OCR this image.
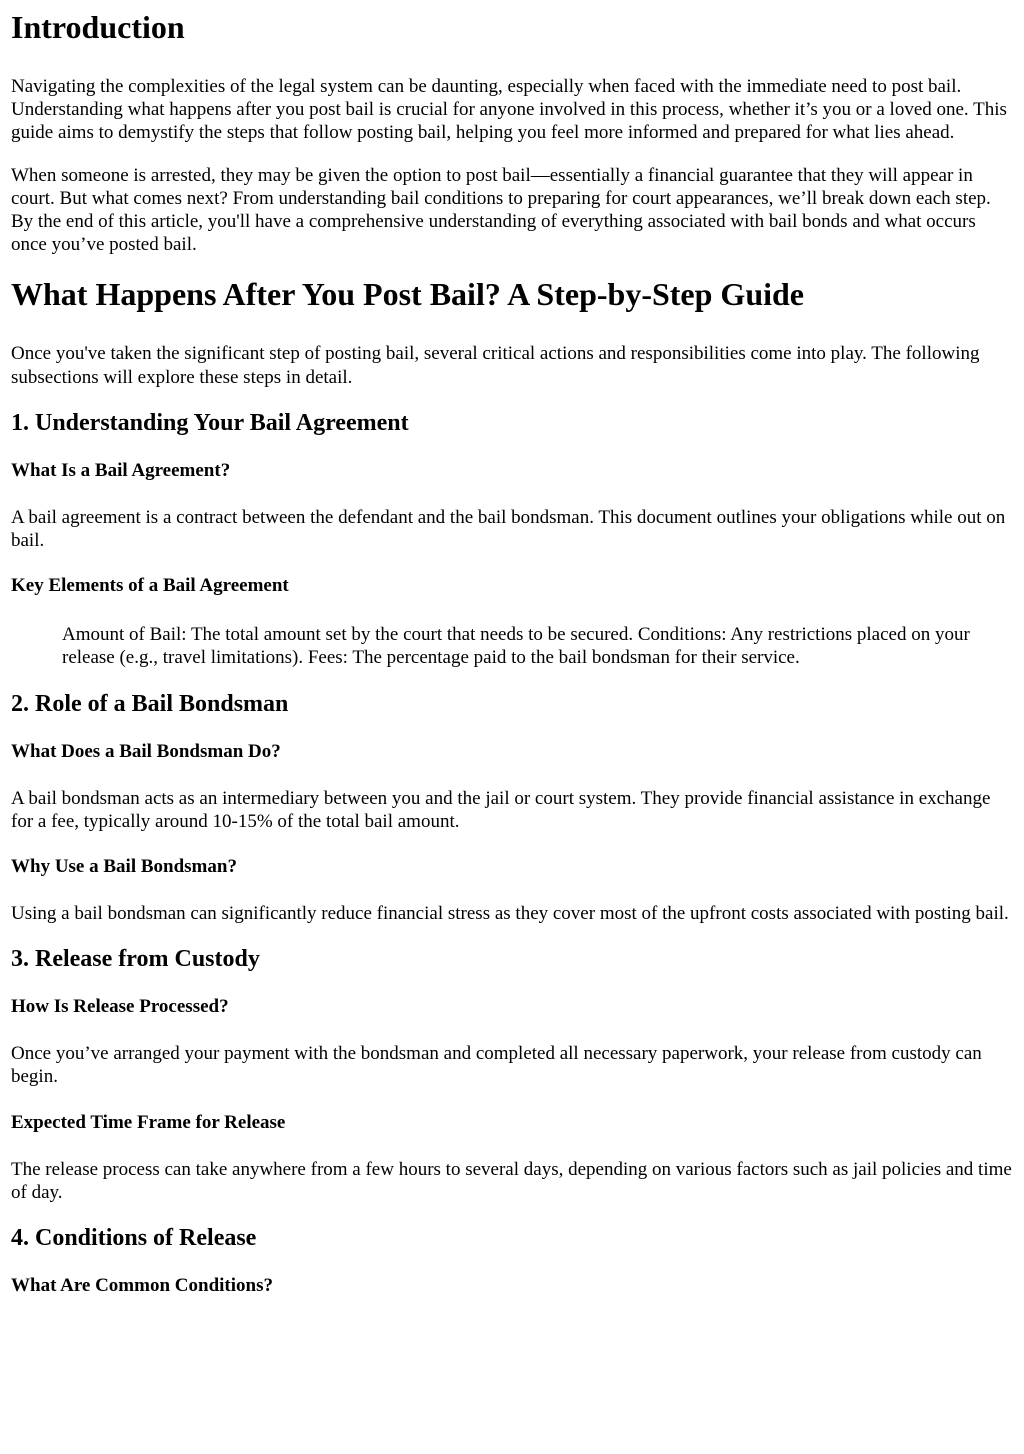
Introduction

Navigating the complexities of the legal system can be daunting, especially when faced with the immediate need to post bail. Understanding what happens after you post bail is crucial for anyone involved in this process, whether it’s you or a loved one. This guide aims to demystify the steps that follow posting bail, helping you feel more informed and prepared for what lies ahead.

When someone is arrested, they may be given the option to post bail—essentially a financial guarantee that they will appear in court. But what comes next? From understanding bail conditions to preparing for court appearances, we’ll break down each step. By the end of this article, you'll have a comprehensive understanding of everything associated with bail bonds and what occurs once you’ve posted bail.

What Happens After You Post Bail? A Step-by-Step Guide

Once you've taken the significant step of posting bail, several critical actions and responsibilities come into play. The following subsections will explore these steps in detail.

1. Understanding Your Bail Agreement
What Is a Bail Agreement?

A bail agreement is a contract between the defendant and the bail bondsman. This document outlines your obligations while out on bail.

Key Elements of a Bail Agreement
Amount of Bail: The total amount set by the court that needs to be secured. Conditions: Any restrictions placed on your release (e.g., travel limitations). Fees: The percentage paid to the bail bondsman for their service.
2. Role of a Bail Bondsman
What Does a Bail Bondsman Do?

A bail bondsman acts as an intermediary between you and the jail or court system. They provide financial assistance in exchange for a fee, typically around 10-15% of the total bail amount.

Why Use a Bail Bondsman?

Using a bail bondsman can significantly reduce financial stress as they cover most of the upfront costs associated with posting bail.

3. Release from Custody
How Is Release Processed?

Once you’ve arranged your payment with the bondsman and completed all necessary paperwork, your release from custody can begin.

Expected Time Frame for Release

The release process can take anywhere from a few hours to several days, depending on various factors such as jail policies and time of day.

4. Conditions of Release
What Are Common Conditions?
